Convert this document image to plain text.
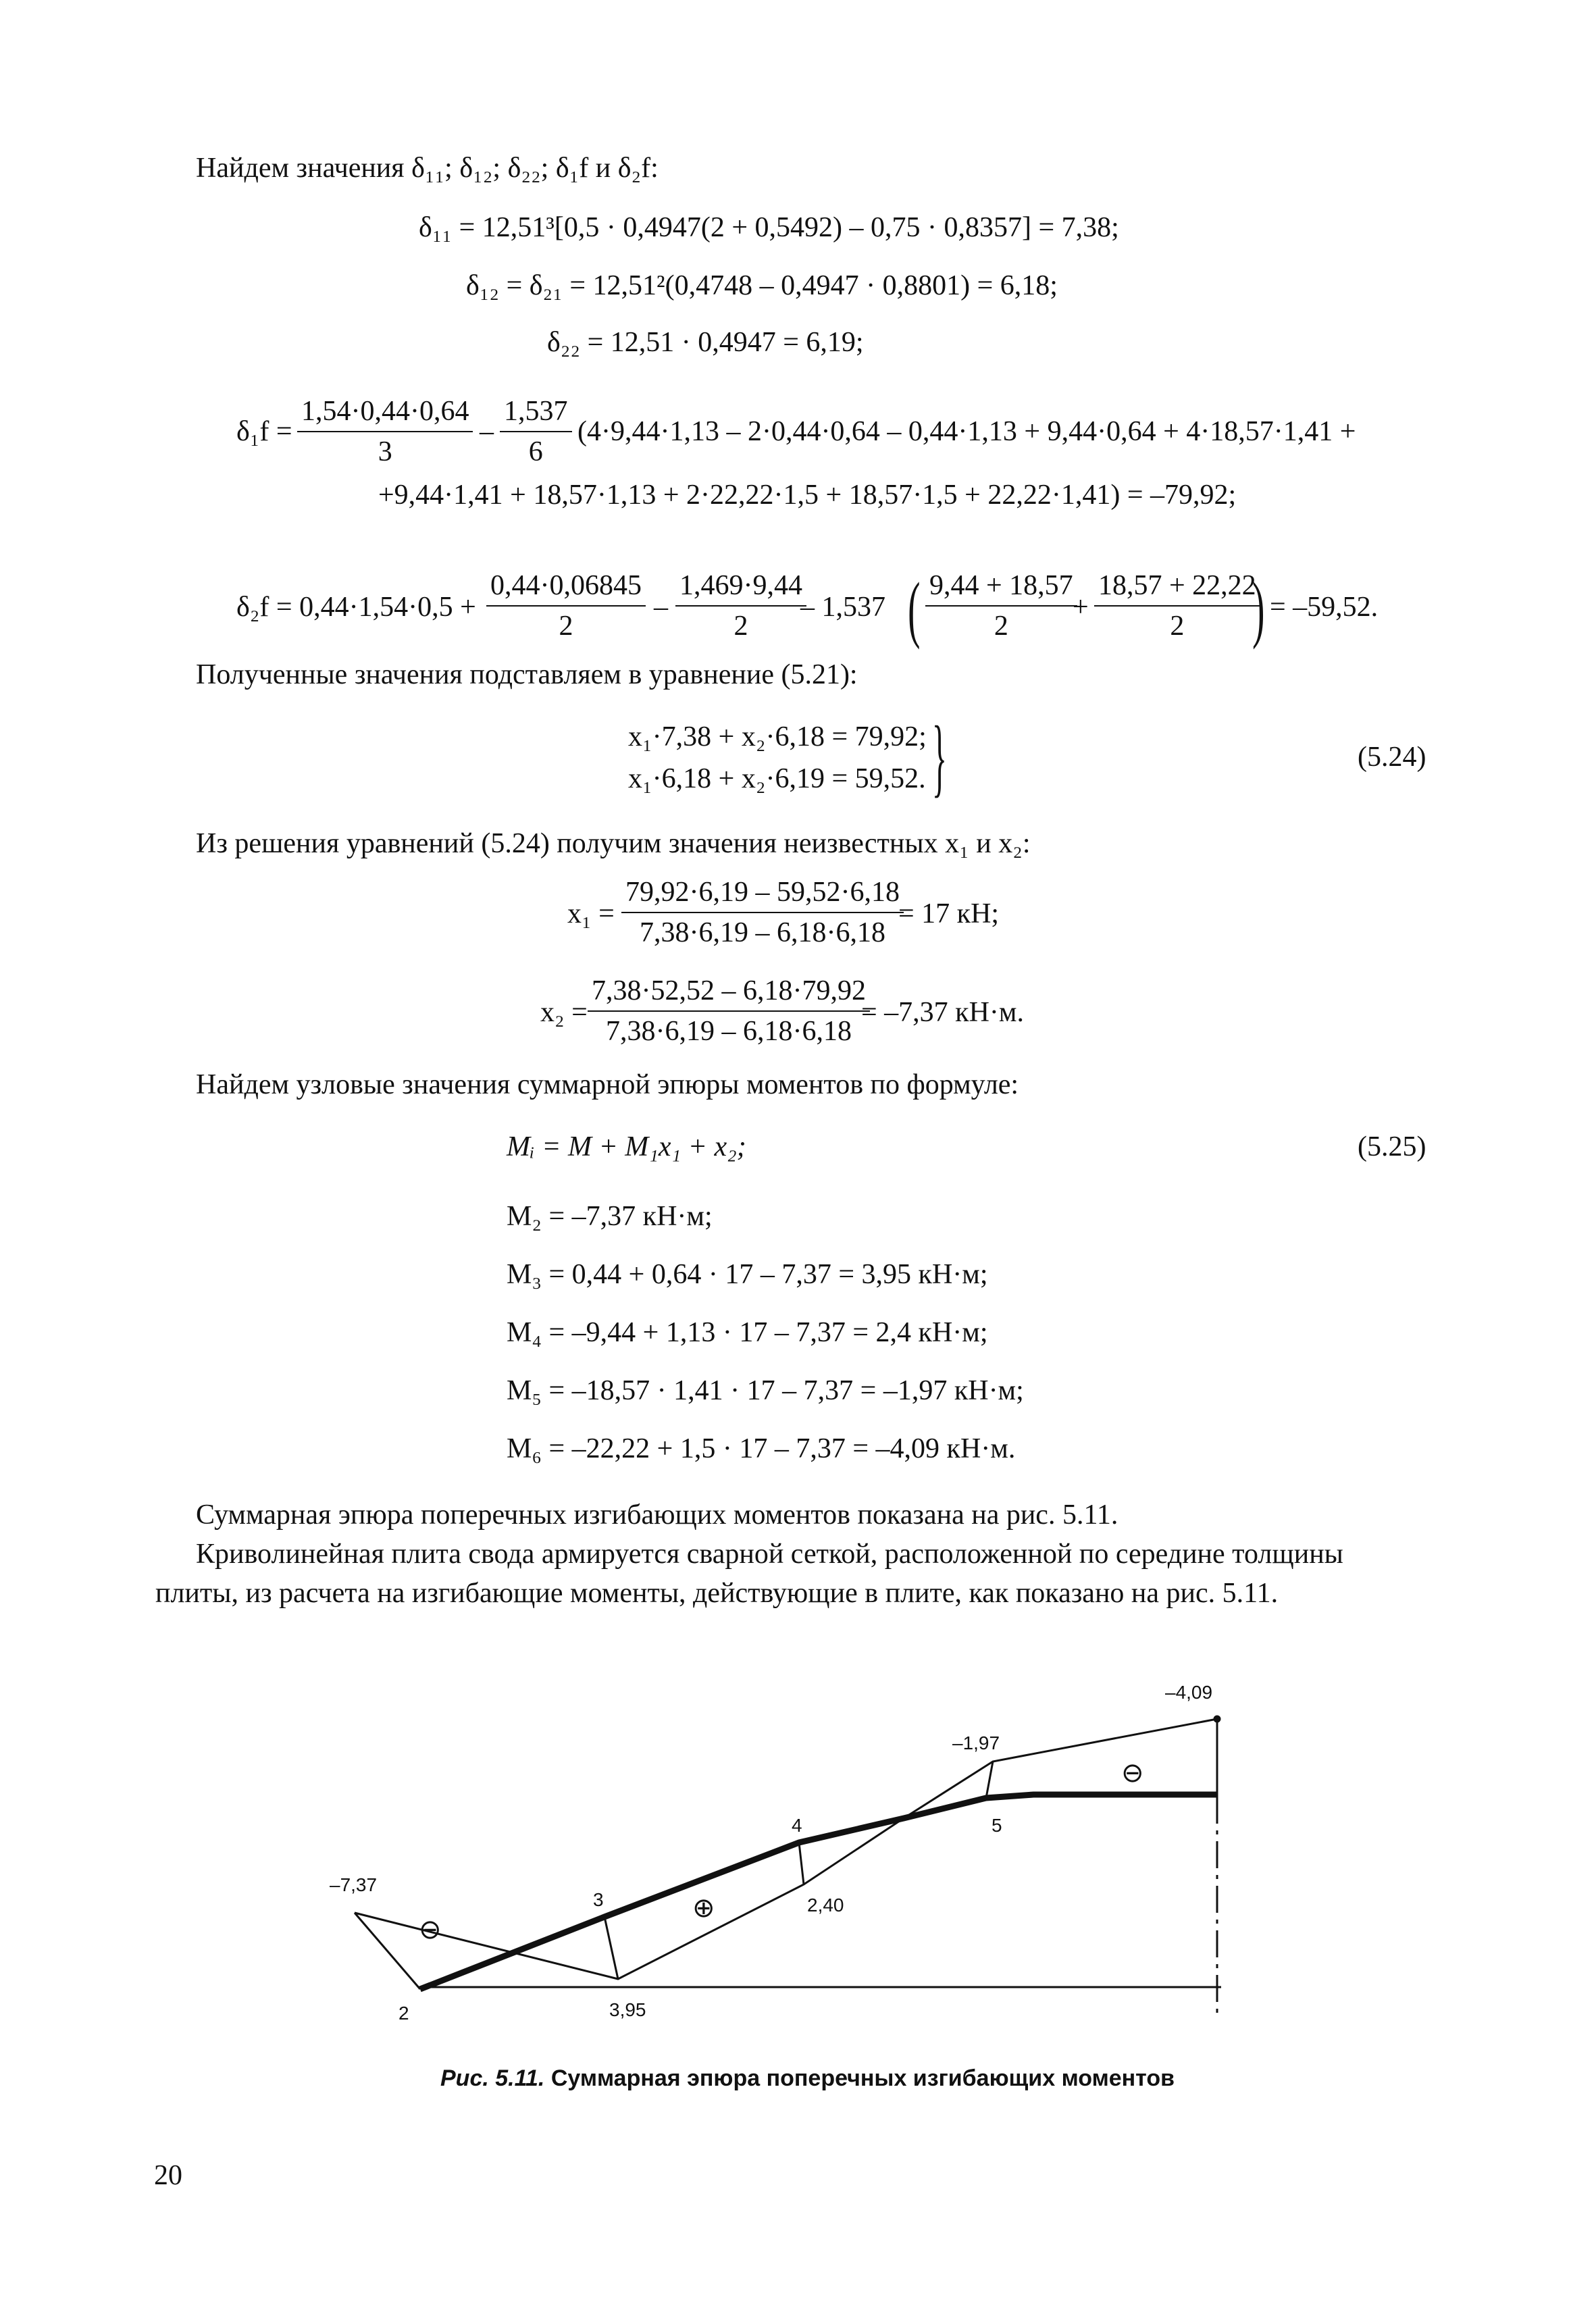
Найдем значения δ₁₁; δ₁₂; δ₂₂; δ₁f и δ₂f:
δ₁₁ = 12,51³[0,5 · 0,4947(2 + 0,5492) – 0,75 · 0,8357] = 7,38;
δ₁₂ = δ₂₁ = 12,51²(0,4748 – 0,4947 · 0,8801) = 6,18;
δ₂₂ = 12,51 · 0,4947 = 6,19;
$\delta_1f = \frac{1,54\cdot 0,44\cdot 0,64}{3} - \frac{1,537}{6} (4\cdot 9,44\cdot 1,13 - 2\cdot 0,44\cdot 0,64 - 0,44\cdot 1,13 + 9,44\cdot 0,64 + 4\cdot 18,57\cdot 1,41$ +
+9,44·1,41 + 18,57·1,13 + 2·22,22·1,5 + 18,57·1,5 + 22,22·1,41) = –79,92;
$\delta_2f = 0,44\cdot 1,54\cdot 0,5 + \frac{0,44\cdot 0,06845}{2} - \frac{1,469\cdot 9,44}{2}$
– 1,537 ( $\frac{9,44 + 18,57}{2}$
+ $\frac{18,57 + 22,22}{2}$
) = –59,52.
Полученные значения подставляем в уравнение (5.21):
x₁·7,38 + x₂·6,18 = 79,92;
x₁·6,18 + x₂·6,19 = 59,52. }	(5.24)
Из решения уравнений (5.24) получим значения неизвестных x₁ и x₂:
$x_1 = \frac{79,92\cdot 6,19 - 59,52\cdot 6,18}{7,38\cdot 6,19 - 6,18\cdot 6,18}$
= 17 кН;
$x_2 = \frac{7,38\cdot 52,52 - 6,18\cdot 79,92}{7,38\cdot 6,19 - 6,18\cdot 6,18}$
= –7,37 кН·м.
Найдем узловые значения суммарной эпюры моментов по формуле:
Mᵢ = M + M₁x₁ + x₂;	(5.25)
M₂ = –7,37 кН·м;
M₃ = 0,44 + 0,64 · 17 – 7,37 = 3,95 кН·м;
M₄ = –9,44 + 1,13 · 17 – 7,37 = 2,4 кН·м;
M₅ = –18,57 · 1,41 · 17 – 7,37 = –1,97 кН·м;
M₆ = –22,22 + 1,5 · 17 – 7,37 = –4,09 кН·м.
Суммарная эпюра поперечных изгибающих моментов показана на рис. 5.11.
Криволинейная плита свода армируется сварной сеткой, расположенной по середине толщины
плиты, из расчета на изгибающие моменты, действующие в плите, как показано на рис. 5.11.
–7,37
3,95
2,40
–1,97
–4,09
2
3
4	5
⊖
⊕
⊖
Рис. 5.11. Суммарная эпюра поперечных изгибающих моментов
20
